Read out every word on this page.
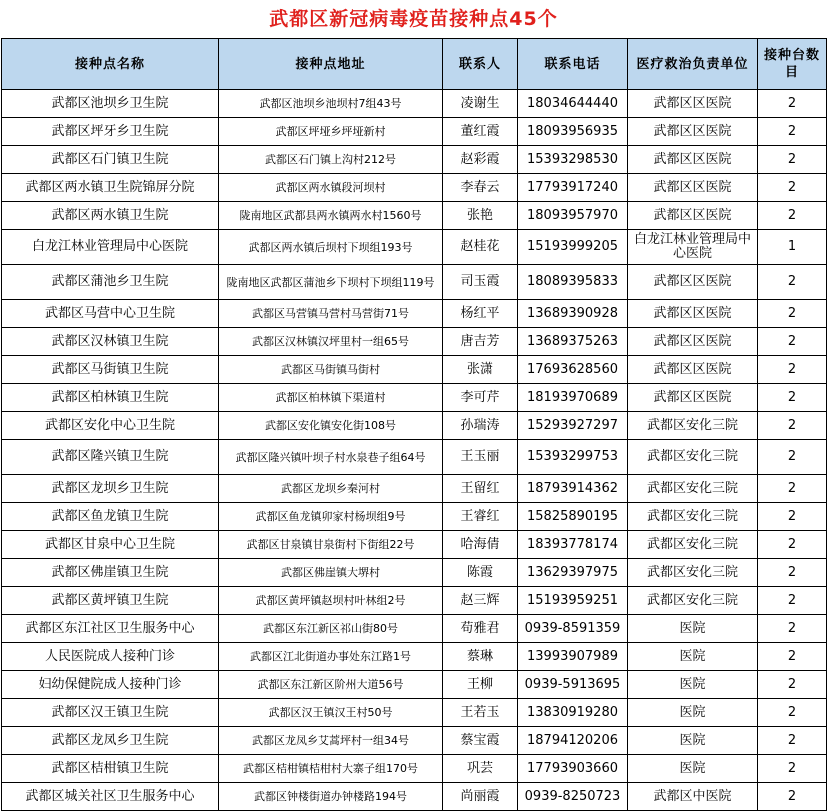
武都区新冠病毒疫苗接种点45个
接种点名称	接种点地址	联系人	联系电话	医疗救治负责单位	接种台数目
武都区池坝乡卫生院	武都区池坝乡池坝村7组43号	凌谢生	18034644440	武都区区医院	2
武都区坪牙乡卫生院	武都区坪垭乡坪垭新村	董红霞	18093956935	武都区区医院	2
武都区石门镇卫生院	武都区石门镇上沟村212号	赵彩霞	15393298530	武都区区医院	2
武都区两水镇卫生院锦屏分院	武都区两水镇段河坝村	李春云	17793917240	武都区区医院	2
武都区两水镇卫生院	陇南地区武都县两水镇两水村1560号	张艳	18093957970	武都区区医院	2
白龙江林业管理局中心医院	武都区两水镇后坝村下坝组193号	赵桂花	15193999205	白龙江林业管理局中心医院	1
武都区蒲池乡卫生院	陇南地区武都区蒲池乡下坝村下坝组119号	司玉霞	18089395833	武都区区医院	2
武都区马营中心卫生院	武都区马营镇马营村马营街71号	杨红平	13689390928	武都区区医院	2
武都区汉林镇卫生院	武都区汉林镇汉坪里村一组65号	唐吉芳	13689375263	武都区区医院	2
武都区马街镇卫生院	武都区马街镇马街村	张潇	17693628560	武都区区医院	2
武都区柏林镇卫生院	武都区柏林镇下渠道村	李可芹	18193970689	武都区区医院	2
武都区安化中心卫生院	武都区安化镇安化街108号	孙瑞涛	15293927297	武都区安化三院	2
武都区隆兴镇卫生院	武都区隆兴镇叶坝子村水泉巷子组64号	王玉丽	15393299753	武都区安化三院	2
武都区龙坝乡卫生院	武都区龙坝乡秦河村	王留红	18793914362	武都区安化三院	2
武都区鱼龙镇卫生院	武都区鱼龙镇卯家村杨坝组9号	王睿红	15825890195	武都区安化三院	2
武都区甘泉中心卫生院	武都区甘泉镇甘泉街村下街组22号	哈海倩	18393778174	武都区安化三院	2
武都区佛崖镇卫生院	武都区佛崖镇大堺村	陈霞	13629397975	武都区安化三院	2
武都区黄坪镇卫生院	武都区黄坪镇赵坝村叶林组2号	赵三辉	15193959251	武都区安化三院	2
武都区东江社区卫生服务中心	武都区东江新区祁山街80号	苟雅君	0939-8591359	医院	2
人民医院成人接种门诊	武都区江北街道办事处东江路1号	蔡琳	13993907989	医院	2
妇幼保健院成人接种门诊	武都区东江新区阶州大道56号	王柳	0939-5913695	医院	2
武都区汉王镇卫生院	武都区汉王镇汉王村50号	王若玉	13830919280	医院	2
武都区龙凤乡卫生院	武都区龙凤乡艾蒿坪村一组34号	蔡宝霞	18794120206	医院	2
武都区桔柑镇卫生院	武都区桔柑镇桔柑村大寨子组170号	巩芸	17793903660	医院	2
武都区城关社区卫生服务中心	武都区钟楼街道办钟楼路194号	尚丽霞	0939-8250723	武都区中医院	2
